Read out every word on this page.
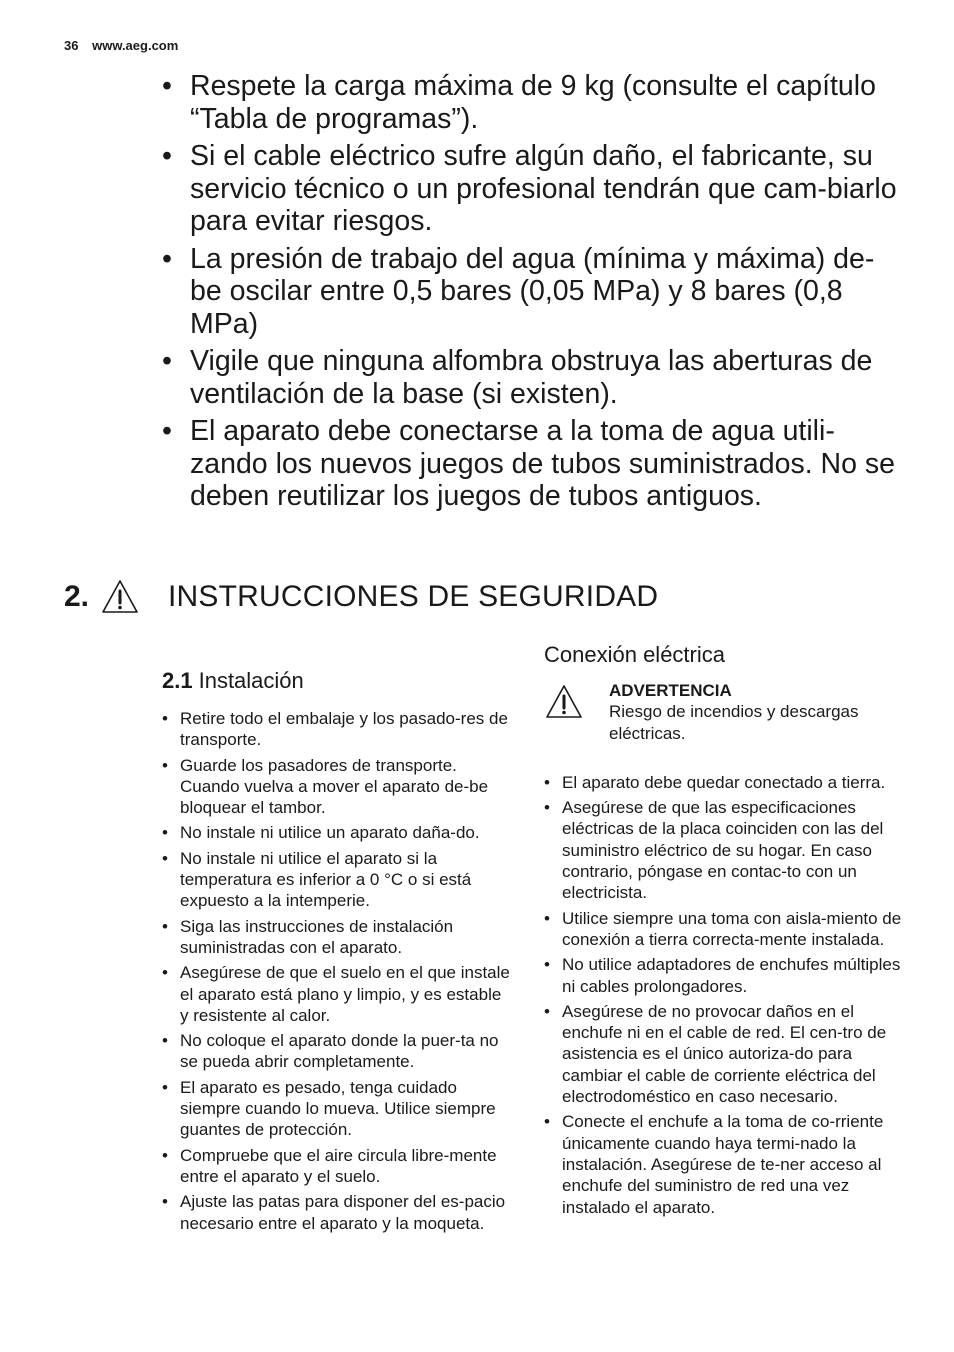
36 www.aeg.com
• Respete la carga máxima de 9 kg (consulte el capítulo “Tabla de programas”).
• Si el cable eléctrico sufre algún daño, el fabricante, su servicio técnico o un profesional tendrán que cam-biarlo para evitar riesgos.
• La presión de trabajo del agua (mínima y máxima) de-be oscilar entre 0,5 bares (0,05 MPa) y 8 bares (0,8 MPa)
• Vigile que ninguna alfombra obstruya las aberturas de ventilación de la base (si existen).
• El aparato debe conectarse a la toma de agua utili-zando los nuevos juegos de tubos suministrados. No se deben reutilizar los juegos de tubos antiguos.
2.	INSTRUCCIONES DE SEGURIDAD
2.1 Instalación
• Retire todo el embalaje y los pasado-res de transporte.
• Guarde los pasadores de transporte. Cuando vuelva a mover el aparato de-be bloquear el tambor.
• No instale ni utilice un aparato daña-do.
• No instale ni utilice el aparato si la temperatura es inferior a 0 °C o si está expuesto a la intemperie.
• Siga las instrucciones de instalación suministradas con el aparato.
• Asegúrese de que el suelo en el que instale el aparato está plano y limpio, y es estable y resistente al calor.
• No coloque el aparato donde la puer-ta no se pueda abrir completamente.
• El aparato es pesado, tenga cuidado siempre cuando lo mueva. Utilice siempre guantes de protección.
• Compruebe que el aire circula libre-mente entre el aparato y el suelo.
• Ajuste las patas para disponer del es-pacio necesario entre el aparato y la moqueta.
Conexión eléctrica
ADVERTENCIA
Riesgo de incendios y descargas eléctricas.
• El aparato debe quedar conectado a tierra.
• Asegúrese de que las especificaciones eléctricas de la placa coinciden con las del suministro eléctrico de su hogar. En caso contrario, póngase en contac-to con un electricista.
• Utilice siempre una toma con aisla-miento de conexión a tierra correcta-mente instalada.
• No utilice adaptadores de enchufes múltiples ni cables prolongadores.
• Asegúrese de no provocar daños en el enchufe ni en el cable de red. El cen-tro de asistencia es el único autoriza-do para cambiar el cable de corriente eléctrica del electrodoméstico en caso necesario.
• Conecte el enchufe a la toma de co-rriente únicamente cuando haya termi-nado la instalación. Asegúrese de te-ner acceso al enchufe del suministro de red una vez instalado el aparato.
